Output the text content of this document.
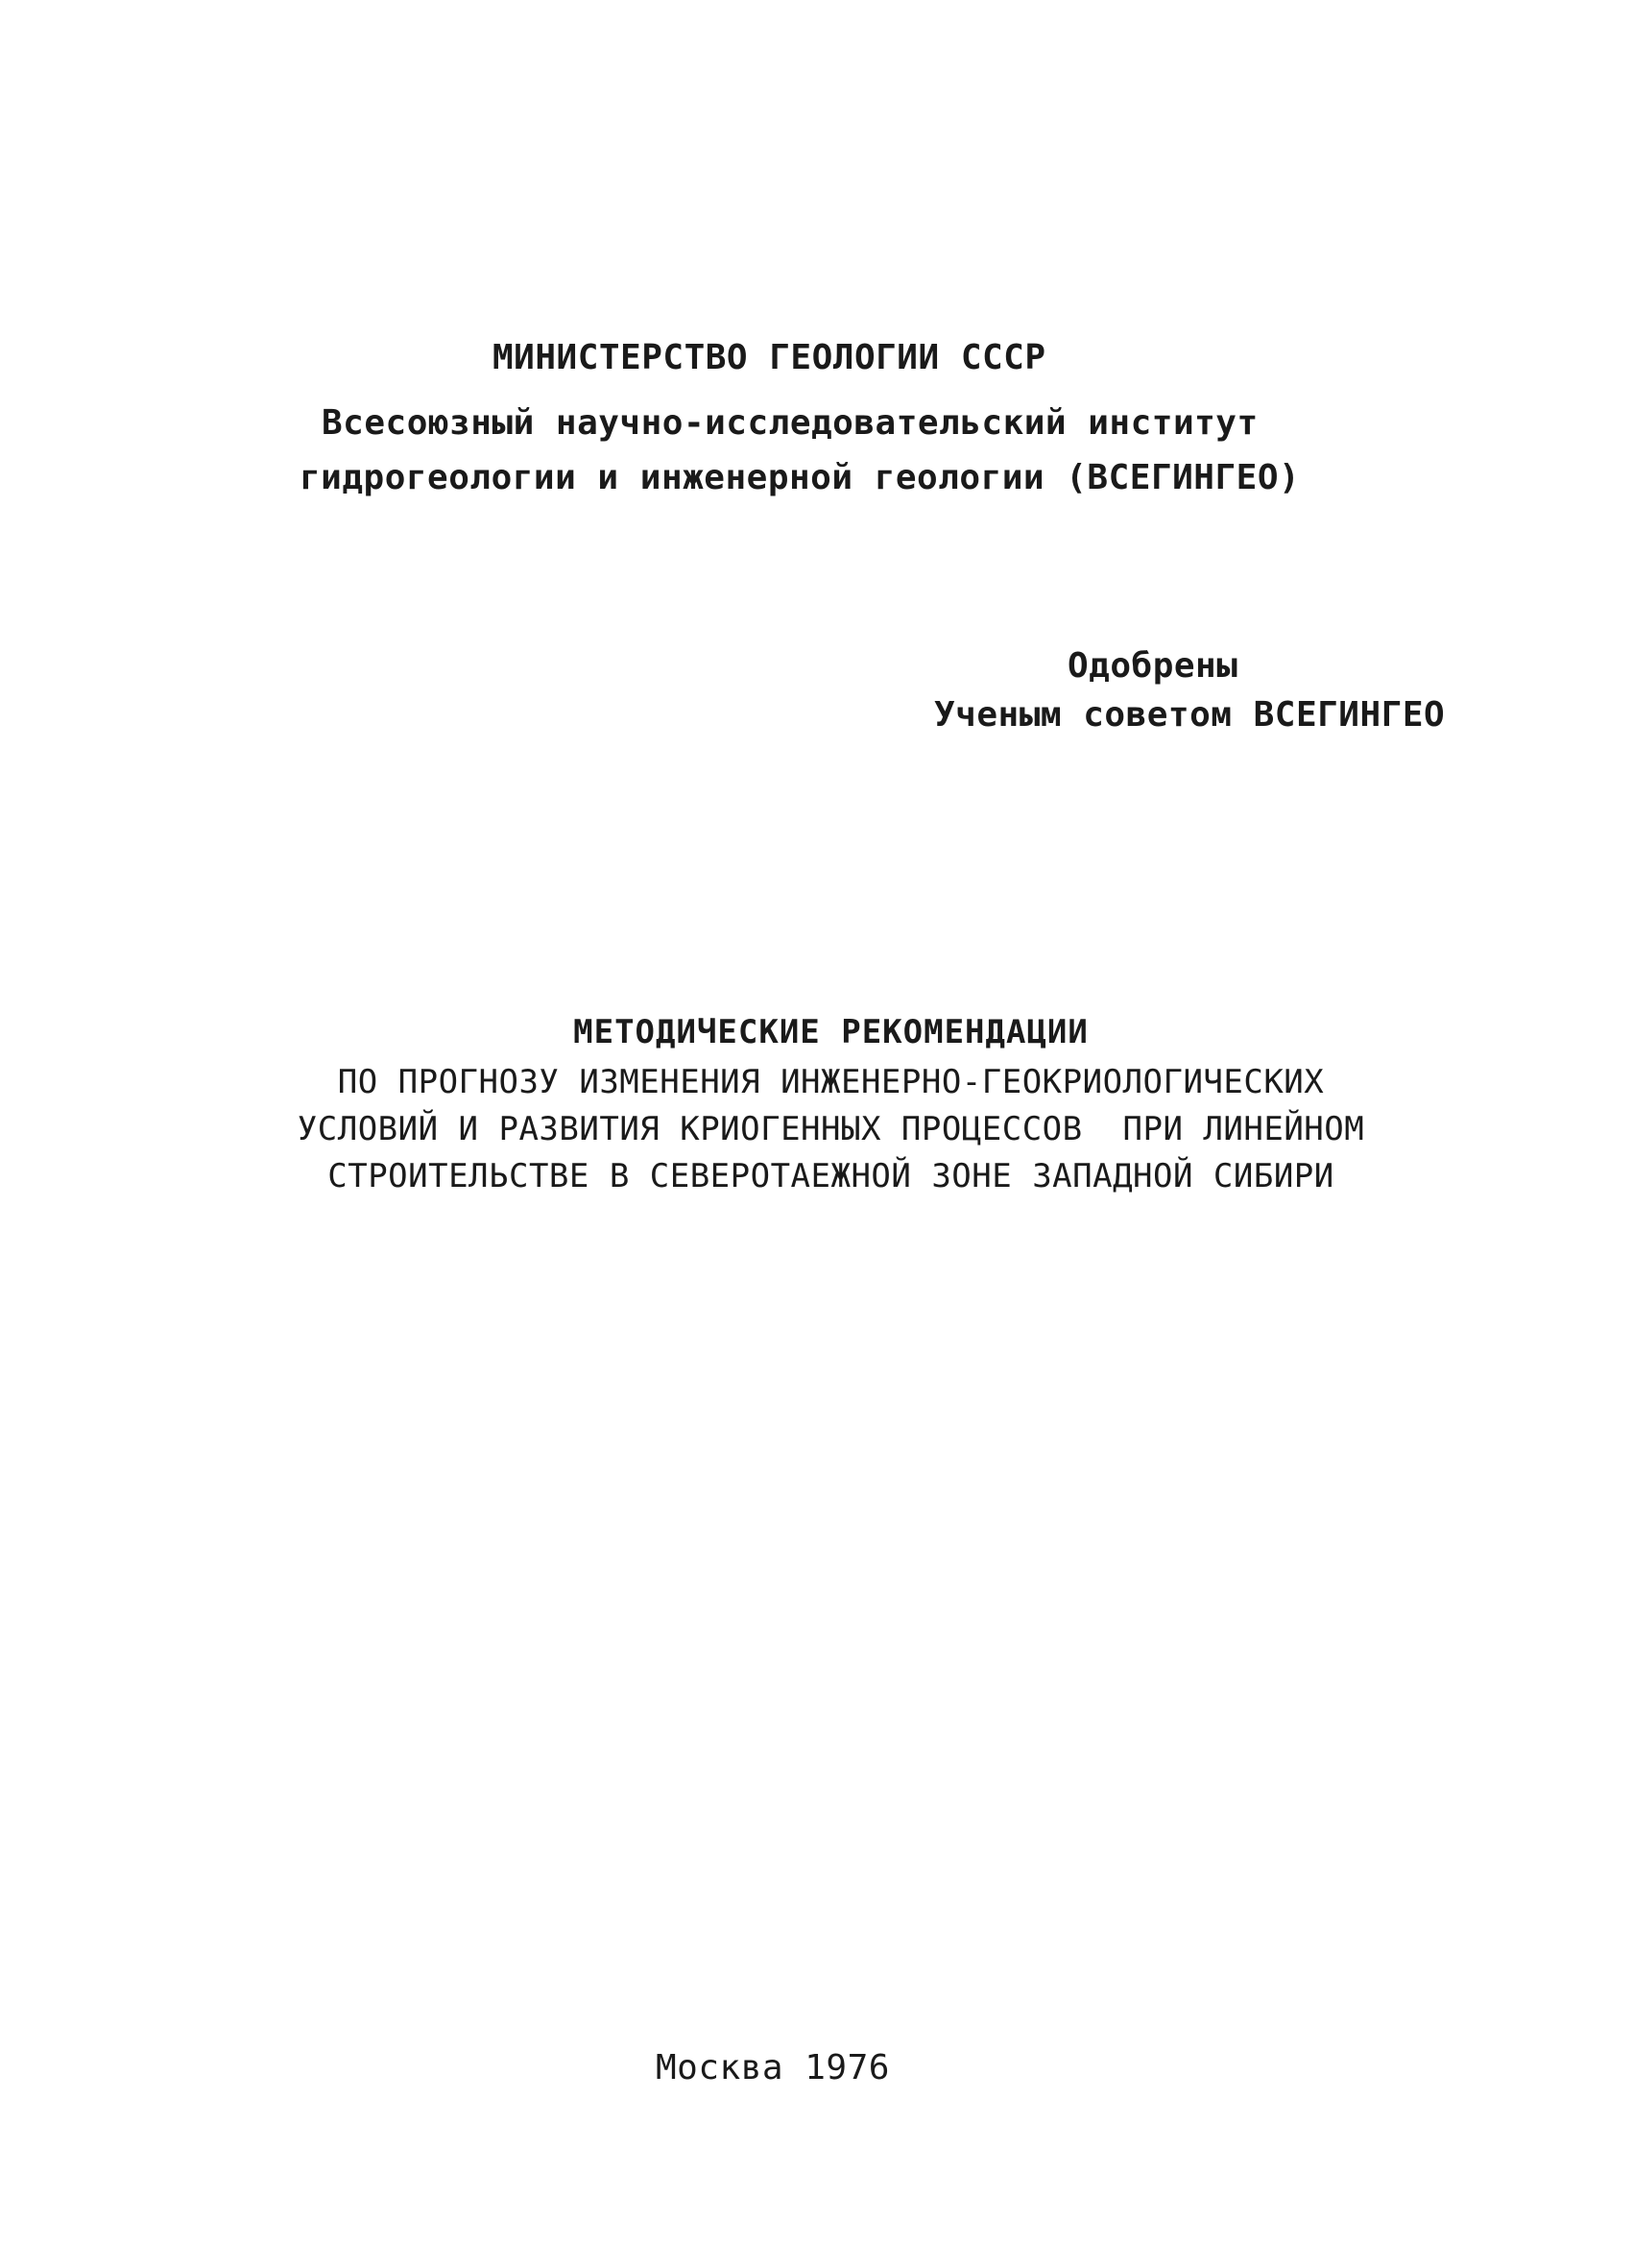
МИНИСТЕРСТВО ГЕОЛОГИИ СССР
Всесоюзный научно-исследовательский институт
гидрогеологии и инженерной геологии (ВСЕГИНГЕО)
Одобрены
Ученым советом ВСЕГИНГЕО
МЕТОДИЧЕСКИЕ РЕКОМЕНДАЦИИ
ПО ПРОГНОЗУ ИЗМЕНЕНИЯ ИНЖЕНЕРНО-ГЕОКРИОЛОГИЧЕСКИХ
УСЛОВИЙ И РАЗВИТИЯ КРИОГЕННЫХ ПРОЦЕССОВ  ПРИ ЛИНЕЙНОМ
СТРОИТЕЛЬСТВЕ В СЕВЕРОТАЕЖНОЙ ЗОНЕ ЗАПАДНОЙ СИБИРИ
Москва 1976
